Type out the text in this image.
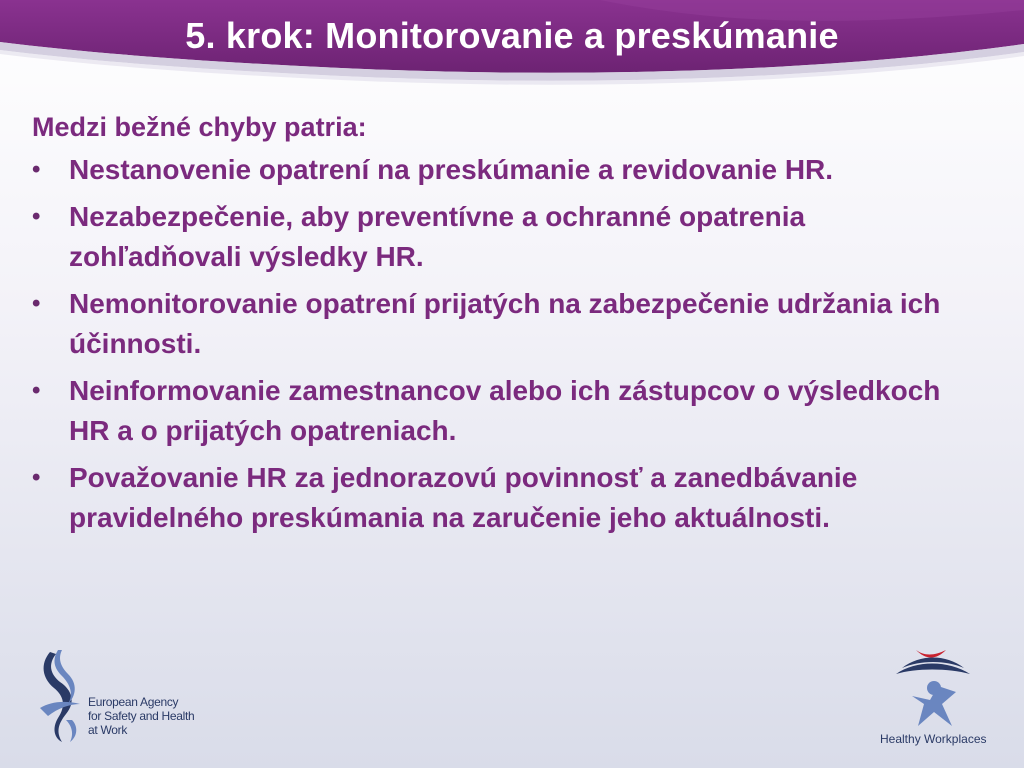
5. krok: Monitorovanie a preskúmanie

Medzi bežné chyby patria:

• Nestanovenie opatrení na preskúmanie a revidovanie HR.
• Nezabezpečenie, aby preventívne a ochranné opatrenia zohľadňovali výsledky HR.
• Nemonitorovanie opatrení prijatých na zabezpečenie udržania ich účinnosti.
• Neinformovanie zamestnancov alebo ich zástupcov o výsledkoch HR a o prijatých opatreniach.
• Považovanie HR za jednorazovú povinnosť a zanedbávanie pravidelného preskúmania na zaručenie jeho aktuálnosti.
European Agency
for Safety and Health
at Work
Healthy Workplaces
